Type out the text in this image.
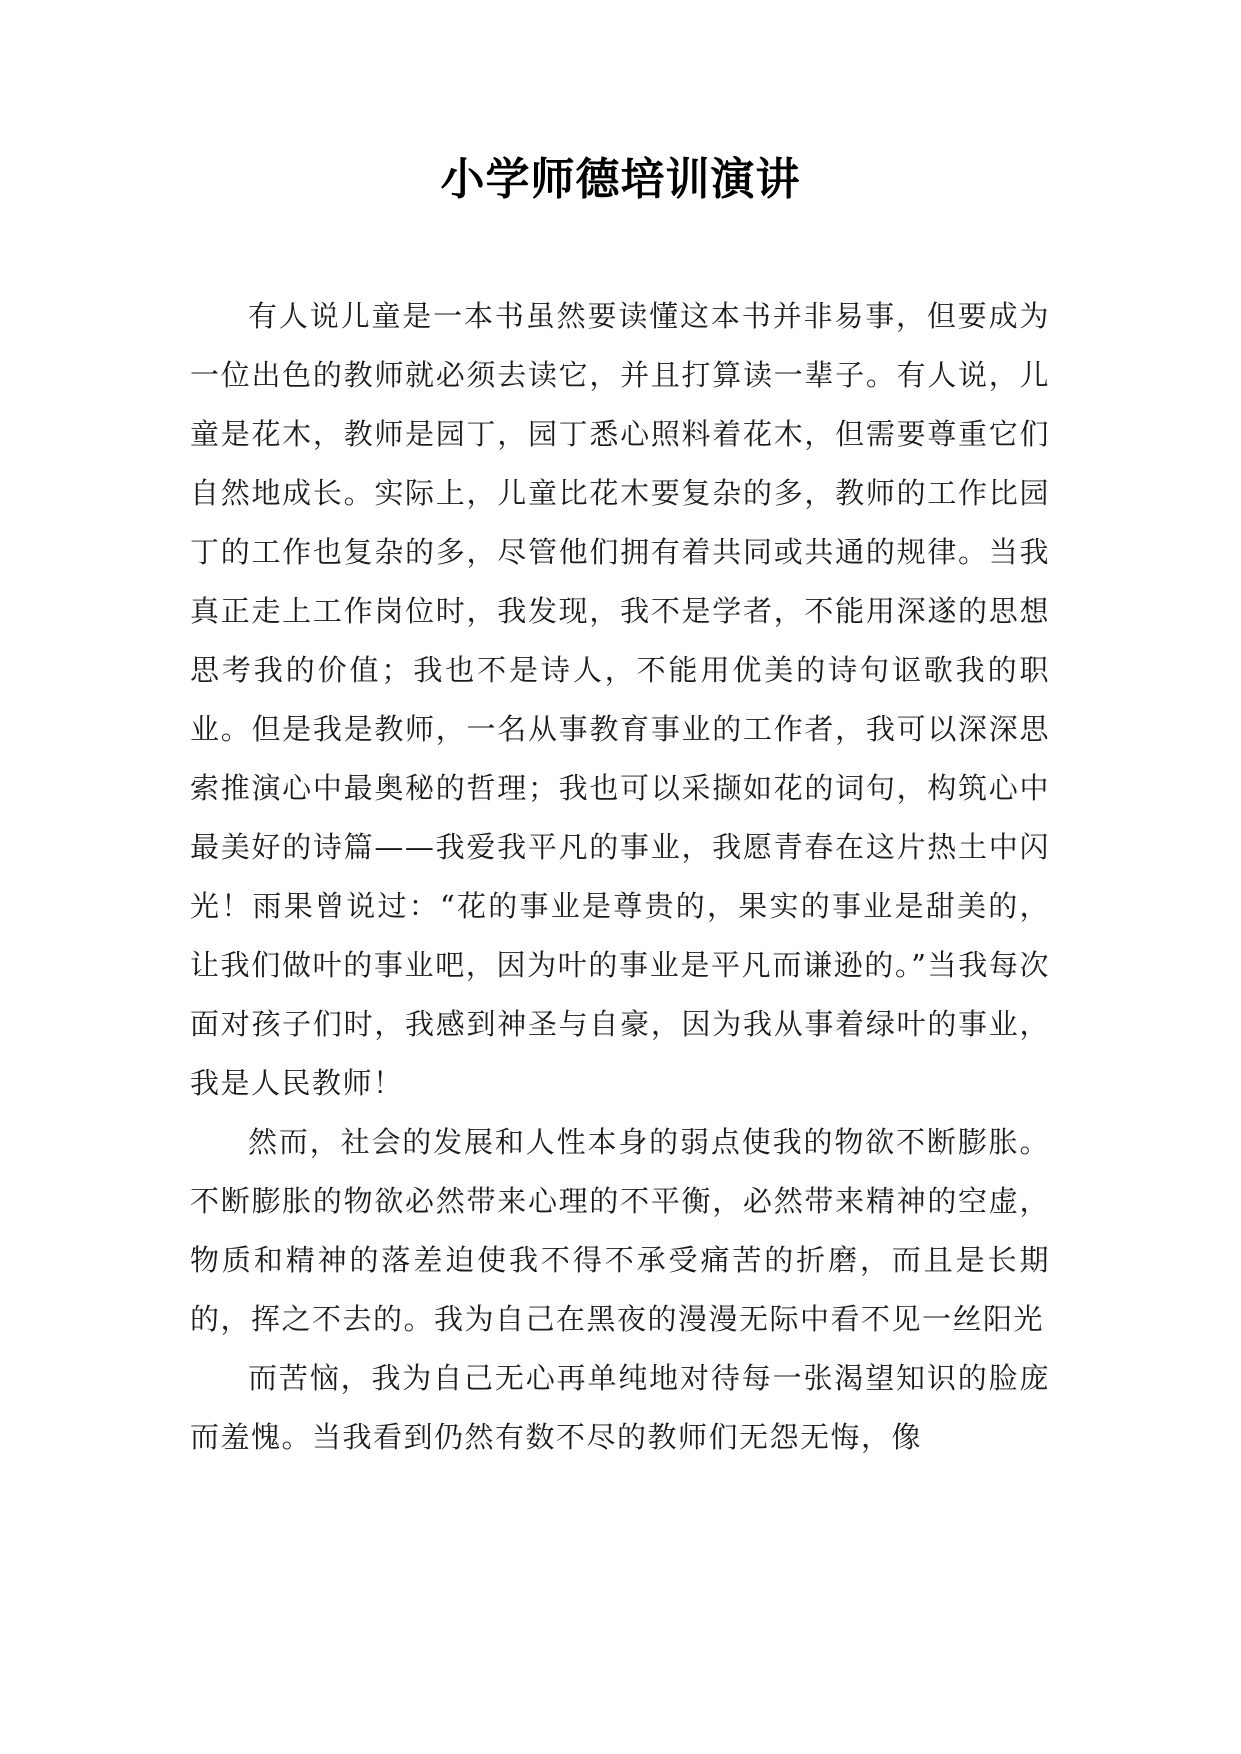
小学师德培训演讲

有人说儿童是一本书虽然要读懂这本书并非易事，但要成为一位出色的教师就必须去读它，并且打算读一辈子。有人说，儿童是花木，教师是园丁，园丁悉心照料着花木，但需要尊重它们自然地成长。实际上，儿童比花木要复杂的多，教师的工作比园丁的工作也复杂的多，尽管他们拥有着共同或共通的规律。当我真正走上工作岗位时，我发现，我不是学者，不能用深遂的思想思考我的价值；我也不是诗人，不能用优美的诗句讴歌我的职业。但是我是教师，一名从事教育事业的工作者，我可以深深思索推演心中最奥秘的哲理；我也可以采撷如花的词句，构筑心中最美好的诗篇——我爱我平凡的事业，我愿青春在这片热土中闪光！雨果曾说过：“花的事业是尊贵的，果实的事业是甜美的，让我们做叶的事业吧，因为叶的事业是平凡而谦逊的。”当我每次面对孩子们时，我感到神圣与自豪，因为我从事着绿叶的事业，我是人民教师！

然而，社会的发展和人性本身的弱点使我的物欲不断膨胀。不断膨胀的物欲必然带来心理的不平衡，必然带来精神的空虚，物质和精神的落差迫使我不得不承受痛苦的折磨，而且是长期的，挥之不去的。我为自己在黑夜的漫漫无际中看不见一丝阳光

而苦恼，我为自己无心再单纯地对待每一张渴望知识的脸庞而羞愧。当我看到仍然有数不尽的教师们无怨无悔，像
